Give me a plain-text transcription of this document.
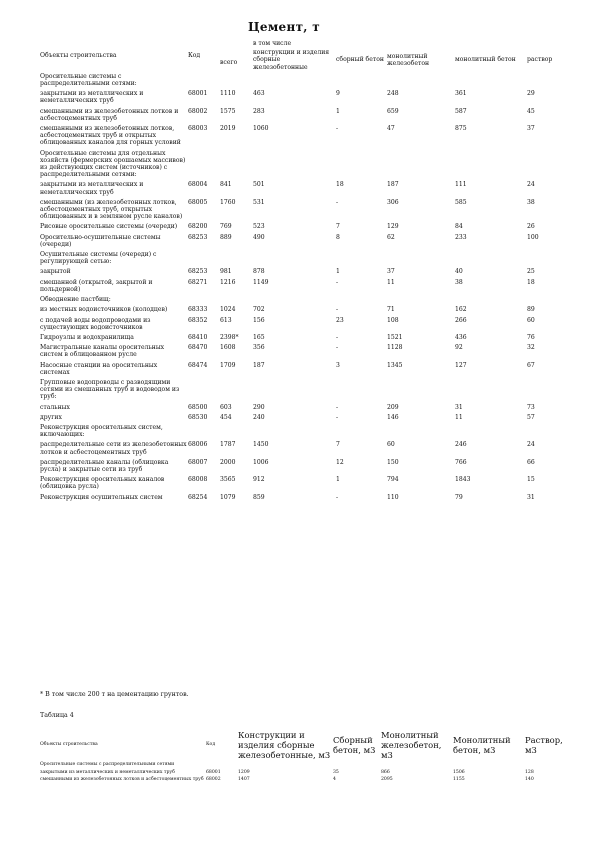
Цемент, т
Объекты строительства	Код	всего	в том числе				
			конструкции и изделия сборные железобетонные	сборный бетон	монолитный железобетон	монолитный бетон	раствор
Оросительные системы с распределительными сетями:							
закрытыми из металлических и неметаллических труб	68001	1110	463	9	248	361	29
смешанными из железобетонных лотков и асбестоцементных труб	68002	1575	283	1	659	587	45
смешанными из железобетонных лотков, асбестоцементных труб и открытых облицованных каналов для горных условий	68003	2019	1060	-	47	875	37
Оросительные системы для отдельных хозяйств (фермерских орошаемых массивов) из действующих систем (источников) с распределительными сетями:							
закрытыми из металлических и неметаллических труб	68004	841	501	18	187	111	24
смешанными (из железобетонных лотков, асбестоцементных труб, открытых облицованных и в земляном русле каналов)	68005	1760	531	-	306	585	38
Рисовые оросительные системы (очереди)	68200	769	523	7	129	84	26
Оросительно-осушительные системы (очереди)	68253	889	490	8	62	233	100
Осушительные системы (очереди) с регулирующей сетью:							
закрытой	68253	981	878	1	37	40	25
смешанной (открытой, закрытой и польдерной)	68271	1216	1149	-	11	38	18
Обводнение пастбищ:							
из местных водоисточников (колодцев)	68333	1024	702	-	71	162	89
с подачей воды водопроводами из существующих водоисточников	68352	613	156	23	108	266	60
Гидроузлы и водохранилища	68410	2398*	165	-	1521	436	76
Магистральные каналы оросительных систем в облицованном русле	68470	1608	356	-	1128	92	32
Насосные станции на оросительных системах	68474	1709	187	3	1345	127	67
Групповые водопроводы с разводящими сетями из смешанных труб и водоводом из труб:							
стальных	68500	603	290	-	209	31	73
других	68530	454	240	-	146	11	57
Реконструкция оросительных систем, включающих:							
распределительные сети из железобетонных лотков и асбестоцементных труб	68006	1787	1450	7	60	246	24
распределительные каналы (облицовка русла) и закрытые сети из труб	68007	2000	1006	12	150	766	66
Реконструкция оросительных каналов (облицовка русла)	68008	3565	912	1	794	1843	15
Реконструкция осушительных систем	68254	1079	859	-	110	79	31
* В том числе 200 т на цементацию грунтов.
Таблица 4
Объекты строительства	Код	Конструкции и изделия сборные железобетонные, м3	Сборный бетон, м3	Монолитный железобетон, м3	Монолитный бетон, м3	Раствор, м3
Оросительные системы с распределительными сетями						
закрытыми из металлических и неметаллических труб	68001	1209	35	866	1506	128
смешанными из железобетонных лотков и асбестоцементных труб	68002	1407	4	2095	1155	140
